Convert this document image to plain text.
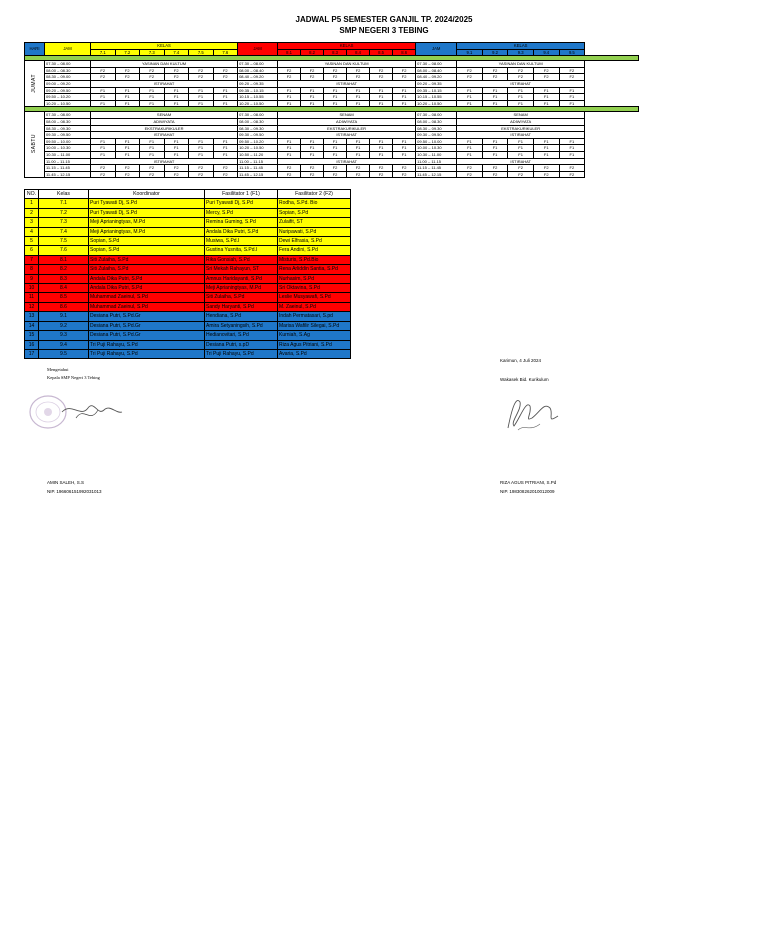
JADWAL P5 SEMESTER GANJIL TP. 2024/2025
SMP NEGERI 3 TEBING
HARI	JAM	KELAS						JAM	KELAS						JAM	KELAS				
		7.1	7.2	7.3	7.4	7.5	7.6		8.1	8.2	8.3	8.4	8.5	8.6		9.1	9.2	9.3	9.4	9.5

JUMAT	07.30 – 08.00	YASINAN DAN KULTUM						07.30 – 08.00	YASINAN DAN KULTUM						07.30 – 08.00	YASINAN DAN KULTUM				
	08.00 – 08.30	F2	F2	F2	F2	F2	F2	08.00 – 08.40	F2	F2	F2	F2	F2	F2	08.00 – 08.40	F2	F2	F2	F2	F2
	08.30 – 09.00	F2	F2	F2	F2	F2	F2	08.40 – 09.20	F2	F2	F2	F2	F2	F2	08.40 – 09.20	F2	F2	F2	F2	F2
	09.00 – 09.20	ISTIRAHAT						09.20 – 09.35	ISTIRAHAT						09.20 – 09.35	ISTIRAHAT				
	09.20 – 09.50	F1	F1	F1	F1	F1	F1	09.35 – 10.15	F1	F1	F1	F1	F1	F1	09.35 – 10.15	F1	F1	F1	F1	F1
	09.50 – 10.20	F1	F1	F1	F1	F1	F1	10.15 – 10.55	F1	F1	F1	F1	F1	F1	10.15 – 10.55	F1	F1	F1	F1	F1
	10.20 – 10.50	F1	F1	F1	F1	F1	F1	10.20 – 10.50	F1	F1	F1	F1	F1	F1	10.20 – 10.50	F1	F1	F1	F1	F1

SABTU	07.30 – 08.00	SENAM						07.30 – 08.00	SENAM						07.30 – 08.00	SENAM				
	08.00 – 08.30	ADIWIYATA						08.00 – 08.30	ADIWIYATA						08.00 – 08.30	ADIWIYATA				
	08.30 – 09.30	EKSTRAKURIKULER						08.30 – 09.30	EKSTRAKURIKULER						08.30 – 09.30	EKSTRAKURIKULER				
	09.30 – 09.50	ISTIRAHAT						09.30 – 09.50	ISTIRAHAT						09.30 – 09.50	ISTIRAHAT				
	09.50 – 10.00	F1	F1	F1	F1	F1	F1	09.50 – 10.20	F1	F1	F1	F1	F1	F1	09.50 – 10.00	F1	F1	F1	F1	F1
	10.00 – 10.30	F1	F1	F1	F1	F1	F1	10.20 – 10.50	F1	F1	F1	F1	F1	F1	10.00 – 10.30	F1	F1	F1	F1	F1
	10.30 – 11.00	F1	F1	F1	F1	F1	F1	10.50 – 11.20	F1	F1	F1	F1	F1	F1	10.30 – 11.00	F1	F1	F1	F1	F1
	11.00 – 11.15	ISTIRAHAT						11.00 – 11.15	ISTIRAHAT						11.00 – 11.15	ISTIRAHAT				
	11.15 – 11.45	F2	F2	F2	F2	F2	F2	11.15 – 11.45	F2	F2	F2	F2	F2	F2	11.15 – 11.45	F2	F2	F2	F2	F2
	11.45 – 12.15	F2	F2	F2	F2	F2	F2	11.45 – 12.15	F2	F2	F2	F2	F2	F2	11.45 – 12.15	F2	F2	F2	F2	F2
NO.	Kelas	Koordinator	Fasilitator 1 (F1)	Fasilitator 2 (F2)
1	7.1	Puri Tyawati Dj, S.Pd	Puri Tyawati Dj, S.Pd	Rodha, S.Pd. Bio
2	7.2	Puri Tyawati Dj, S.Pd	Mercy, S.Pd	Sopian, S.Pd
3	7.3	Meji Aprianingtyas, M.Pd	Remina Guming, S.Pd	Zulaifit, ST
4	7.4	Meji Aprianingtyas, M.Pd	Andala Dika Putri, S.Pd	Nuripawati, S.Pd
5	7.5	Sopian, S.Pd	Musiwa, S.Pd.I	Dewi Elfrasia, S.Pd
6	7.6	Sopian, S.Pd	Gustina Yusnita, S.Pd.I	Fera Andini, S.Pd
7	8.1	Siti Zulaiha, S.Pd	Rika Gonsiah, S.Pd	Misturis, S.Pd.Bio
8	8.2	Siti Zulaiha, S.Pd	Sri Mekah Rahayun, ST	Rena Arliddin Santia, S.Pd
9	8.3	Andala Dika Putri, S.Pd	Amnus Haridayanti, S.Pd	Nurhasim, S.Pd
10	8.4	Andala Dika Putri, S.Pd	Meji Aprianingtyas, M.Pd	Sri Oktavina, S.Pd
11	8.5	Muhammad Zaeinul, S.Pd	Siti Zulaiha, S.Pd	Leslie Musyawafi, S.Pd
12	8.6	Muhammad Zaeinul, S.Pd	Sandy Haryanti, S.Pd	M. Zaeinul, S.Pd
13	9.1	Desiana Putri, S.Pd.Gr	Hendiana, S.Pd	Indah Permatasari, S.pd
14	9.2	Desiana Putri, S.Pd.Gr	Amira Setyaningsih, S.Pd	Marisa Wafilir Silegai, S.Pd
15	9.3	Desiana Putri, S.Pd.Gr	Hedianovitari, S.Pd	Kurniah, S.Ag
16	9.4	Tri Puji Rahayu, S.Pd	Desiana Putri, s.pD	Riza Agus Pitriani, S.Pd
17	9.5	Tri Puji Rahayu, S.Pd	Tri Puji Rahayu, S.Pd	Avaria, S.Pd
Mengetahui
Kepala SMP Negeri 3 Tebing
AMIN SALEH, S.S
NIP. 196606151992031013
Karimun, 4 Juli 2024
Wakasek Bid. Kurikulum
RIZA AGUS PITRIANI, S.Pd
NIP. 198308262010012009
